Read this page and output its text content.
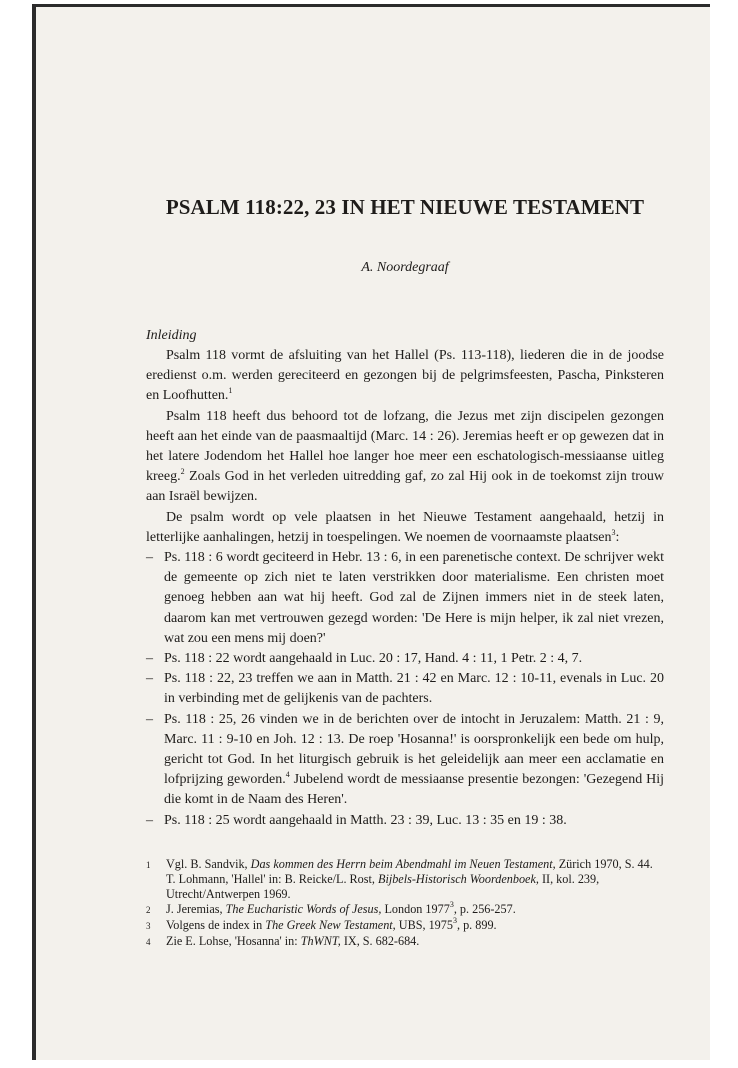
PSALM 118:22, 23 IN HET NIEUWE TESTAMENT
A. Noordegraaf
Inleiding

Psalm 118 vormt de afsluiting van het Hallel (Ps. 113-118), liederen die in de joodse eredienst o.m. werden gereciteerd en gezongen bij de pelgrimsfeesten, Pascha, Pinksteren en Loofhutten.$^1$

Psalm 118 heeft dus behoord tot de lofzang, die Jezus met zijn discipelen gezongen heeft aan het einde van de paasmaaltijd (Marc. 14 : 26). Jeremias heeft er op gewezen dat in het latere Jodendom het Hallel hoe langer hoe meer een eschatologisch-messiaanse uitleg kreeg.$^2$ Zoals God in het verleden uitredding gaf, zo zal Hij ook in de toekomst zijn trouw aan Israël bewijzen.

De psalm wordt op vele plaatsen in het Nieuwe Testament aangehaald, hetzij in letterlijke aanhalingen, hetzij in toespelingen. We noemen de voornaamste plaatsen$^3$:

– Ps. 118 : 6 wordt geciteerd in Hebr. 13 : 6, in een parenetische context. De schrijver wekt de gemeente op zich niet te laten verstrikken door materialisme. Een christen moet genoeg hebben aan wat hij heeft. God zal de Zijnen immers niet in de steek laten, daarom kan met vertrouwen gezegd worden: 'De Here is mijn helper, ik zal niet vrezen, wat zou een mens mij doen?'
– Ps. 118 : 22 wordt aangehaald in Luc. 20 : 17, Hand. 4 : 11, 1 Petr. 2 : 4, 7.
– Ps. 118 : 22, 23 treffen we aan in Matth. 21 : 42 en Marc. 12 : 10-11, evenals in Luc. 20 in verbinding met de gelijkenis van de pachters.
– Ps. 118 : 25, 26 vinden we in de berichten over de intocht in Jeruzalem: Matth. 21 : 9, Marc. 11 : 9-10 en Joh. 12 : 13. De roep 'Hosanna!' is oorspronkelijk een bede om hulp, gericht tot God. In het liturgisch gebruik is het geleidelijk aan meer een acclamatie en lofprijzing geworden.$^4$ Jubelend wordt de messiaanse presentie bezongen: 'Gezegend Hij die komt in de Naam des Heren'.
– Ps. 118 : 25 wordt aangehaald in Matth. 23 : 39, Luc. 13 : 35 en 19 : 38.
1	Vgl. B. Sandvik, Das kommen des Herrn beim Abendmahl im Neuen Testament, Zürich 1970, S. 44. T. Lohmann, 'Hallel' in: B. Reicke/L. Rost, Bijbels-Historisch Woordenboek, II, kol. 239, Utrecht/Antwerpen 1969.
2	J. Jeremias, The Eucharistic Words of Jesus, London 1977$^3$, p. 256-257.
3	Volgens de index in The Greek New Testament, UBS, 1975$^3$, p. 899.
4	Zie E. Lohse, 'Hosanna' in: ThWNT, IX, S. 682-684.
